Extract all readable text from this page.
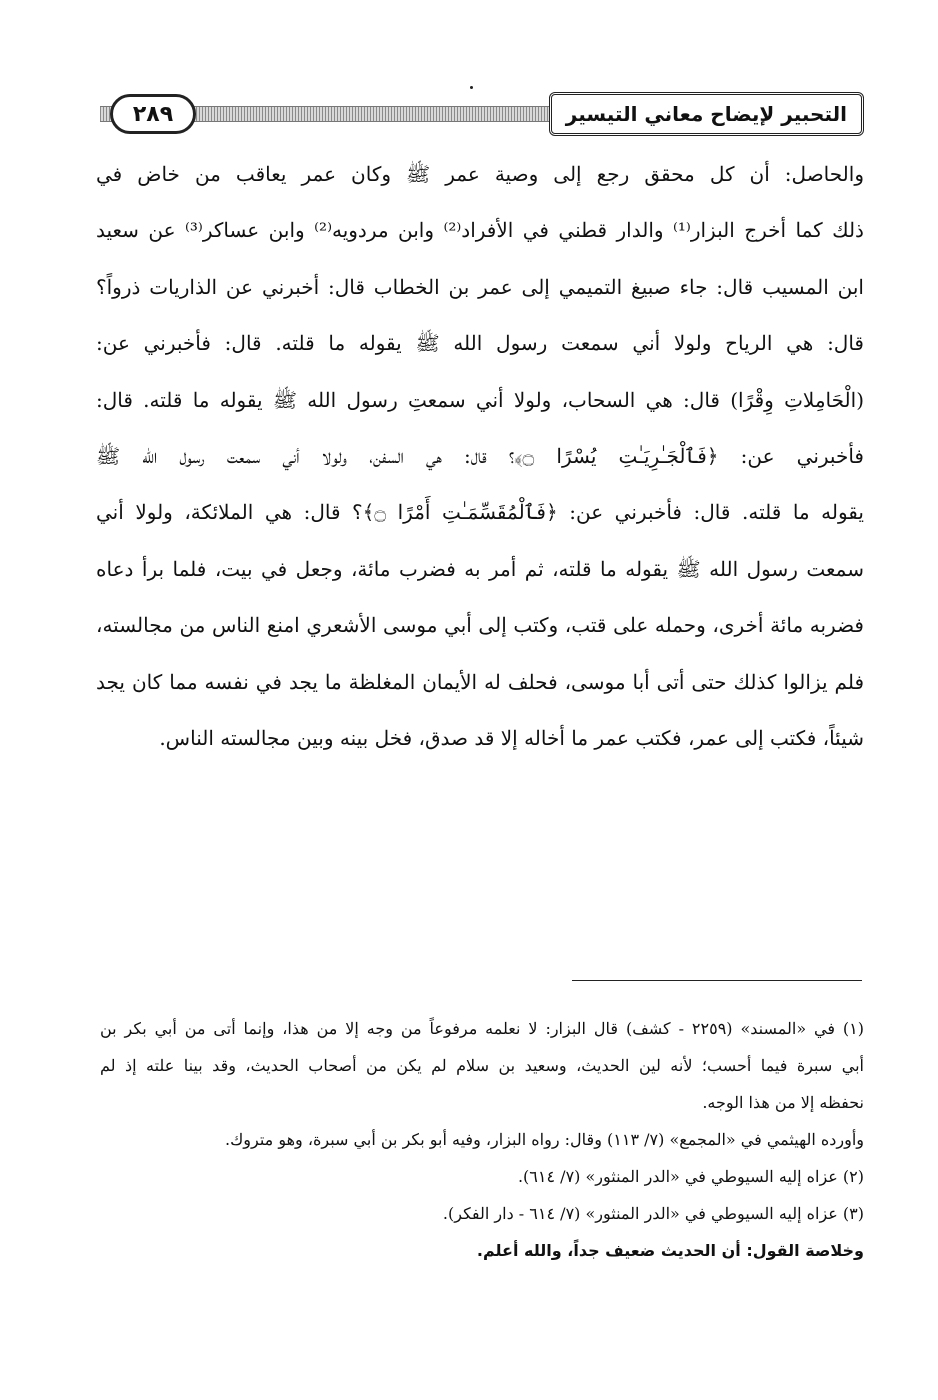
التحبير لإيضاح معاني التيسير
٢٨٩
والحاصل: أن كل محقق رجع إلى وصية عمر ﷺ وكان عمر يعاقب من خاض في
ذلك كما أخرج البزار⁽¹⁾ والدار قطني في الأفراد⁽²⁾ وابن مردويه⁽²⁾ وابن عساكر⁽³⁾ عن سعيد
ابن المسيب قال: جاء صبيغ التميمي إلى عمر بن الخطاب قال: أخبرني عن الذاريات ذرواً؟
قال: هي الرياح ولولا أني سمعت رسول الله ﷺ يقوله ما قلته. قال: فأخبرني عن:
(الْحَامِلاتِ وِقْرًا) قال: هي السحاب، ولولا أني سمعتِ رسول الله ﷺ يقوله ما قلته. قال:
فأخبرني عن: ﴿فَٱلْجَـٰرِيَـٰتِ يُسْرًا ۝﴾؟ قال: هي السفن، ولولا أني سمعت رسول الله ﷺ
يقوله ما قلته. قال: فأخبرني عن: ﴿فَٱلْمُقَسِّمَـٰتِ أَمْرًا ۝﴾؟ قال: هي الملائكة، ولولا أني
سمعت رسول الله ﷺ يقوله ما قلته، ثم أمر به فضرب مائة، وجعل في بيت، فلما برأ دعاه
فضربه مائة أخرى، وحمله على قتب، وكتب إلى أبي موسى الأشعري امنع الناس من مجالسته،
فلم يزالوا كذلك حتى أتى أبا موسى، فحلف له الأيمان المغلظة ما يجد في نفسه مما كان يجد
شيئاً، فكتب إلى عمر، فكتب عمر ما أخاله إلا قد صدق، فخل بينه وبين مجالسته الناس.
(١) في «المسند» (٢٢٥٩ - كشف) قال البزار: لا نعلمه مرفوعاً من وجه إلا من هذا، وإنما أتى من أبي بكر بن
أبي سبرة فيما أحسب؛ لأنه لين الحديث، وسعيد بن سلام لم يكن من أصحاب الحديث، وقد بينا علته إذ لم
نحفظه إلا من هذا الوجه.
وأورده الهيثمي في «المجمع» (٧/ ١١٣) وقال: رواه البزار، وفيه أبو بكر بن أبي سبرة، وهو متروك.
(٢) عزاه إليه السيوطي في «الدر المنثور» (٧/ ٦١٤).
(٣) عزاه إليه السيوطي في «الدر المنثور» (٧/ ٦١٤ - دار الفكر).
وخلاصة القول: أن الحديث ضعيف جداً، والله أعلم.
